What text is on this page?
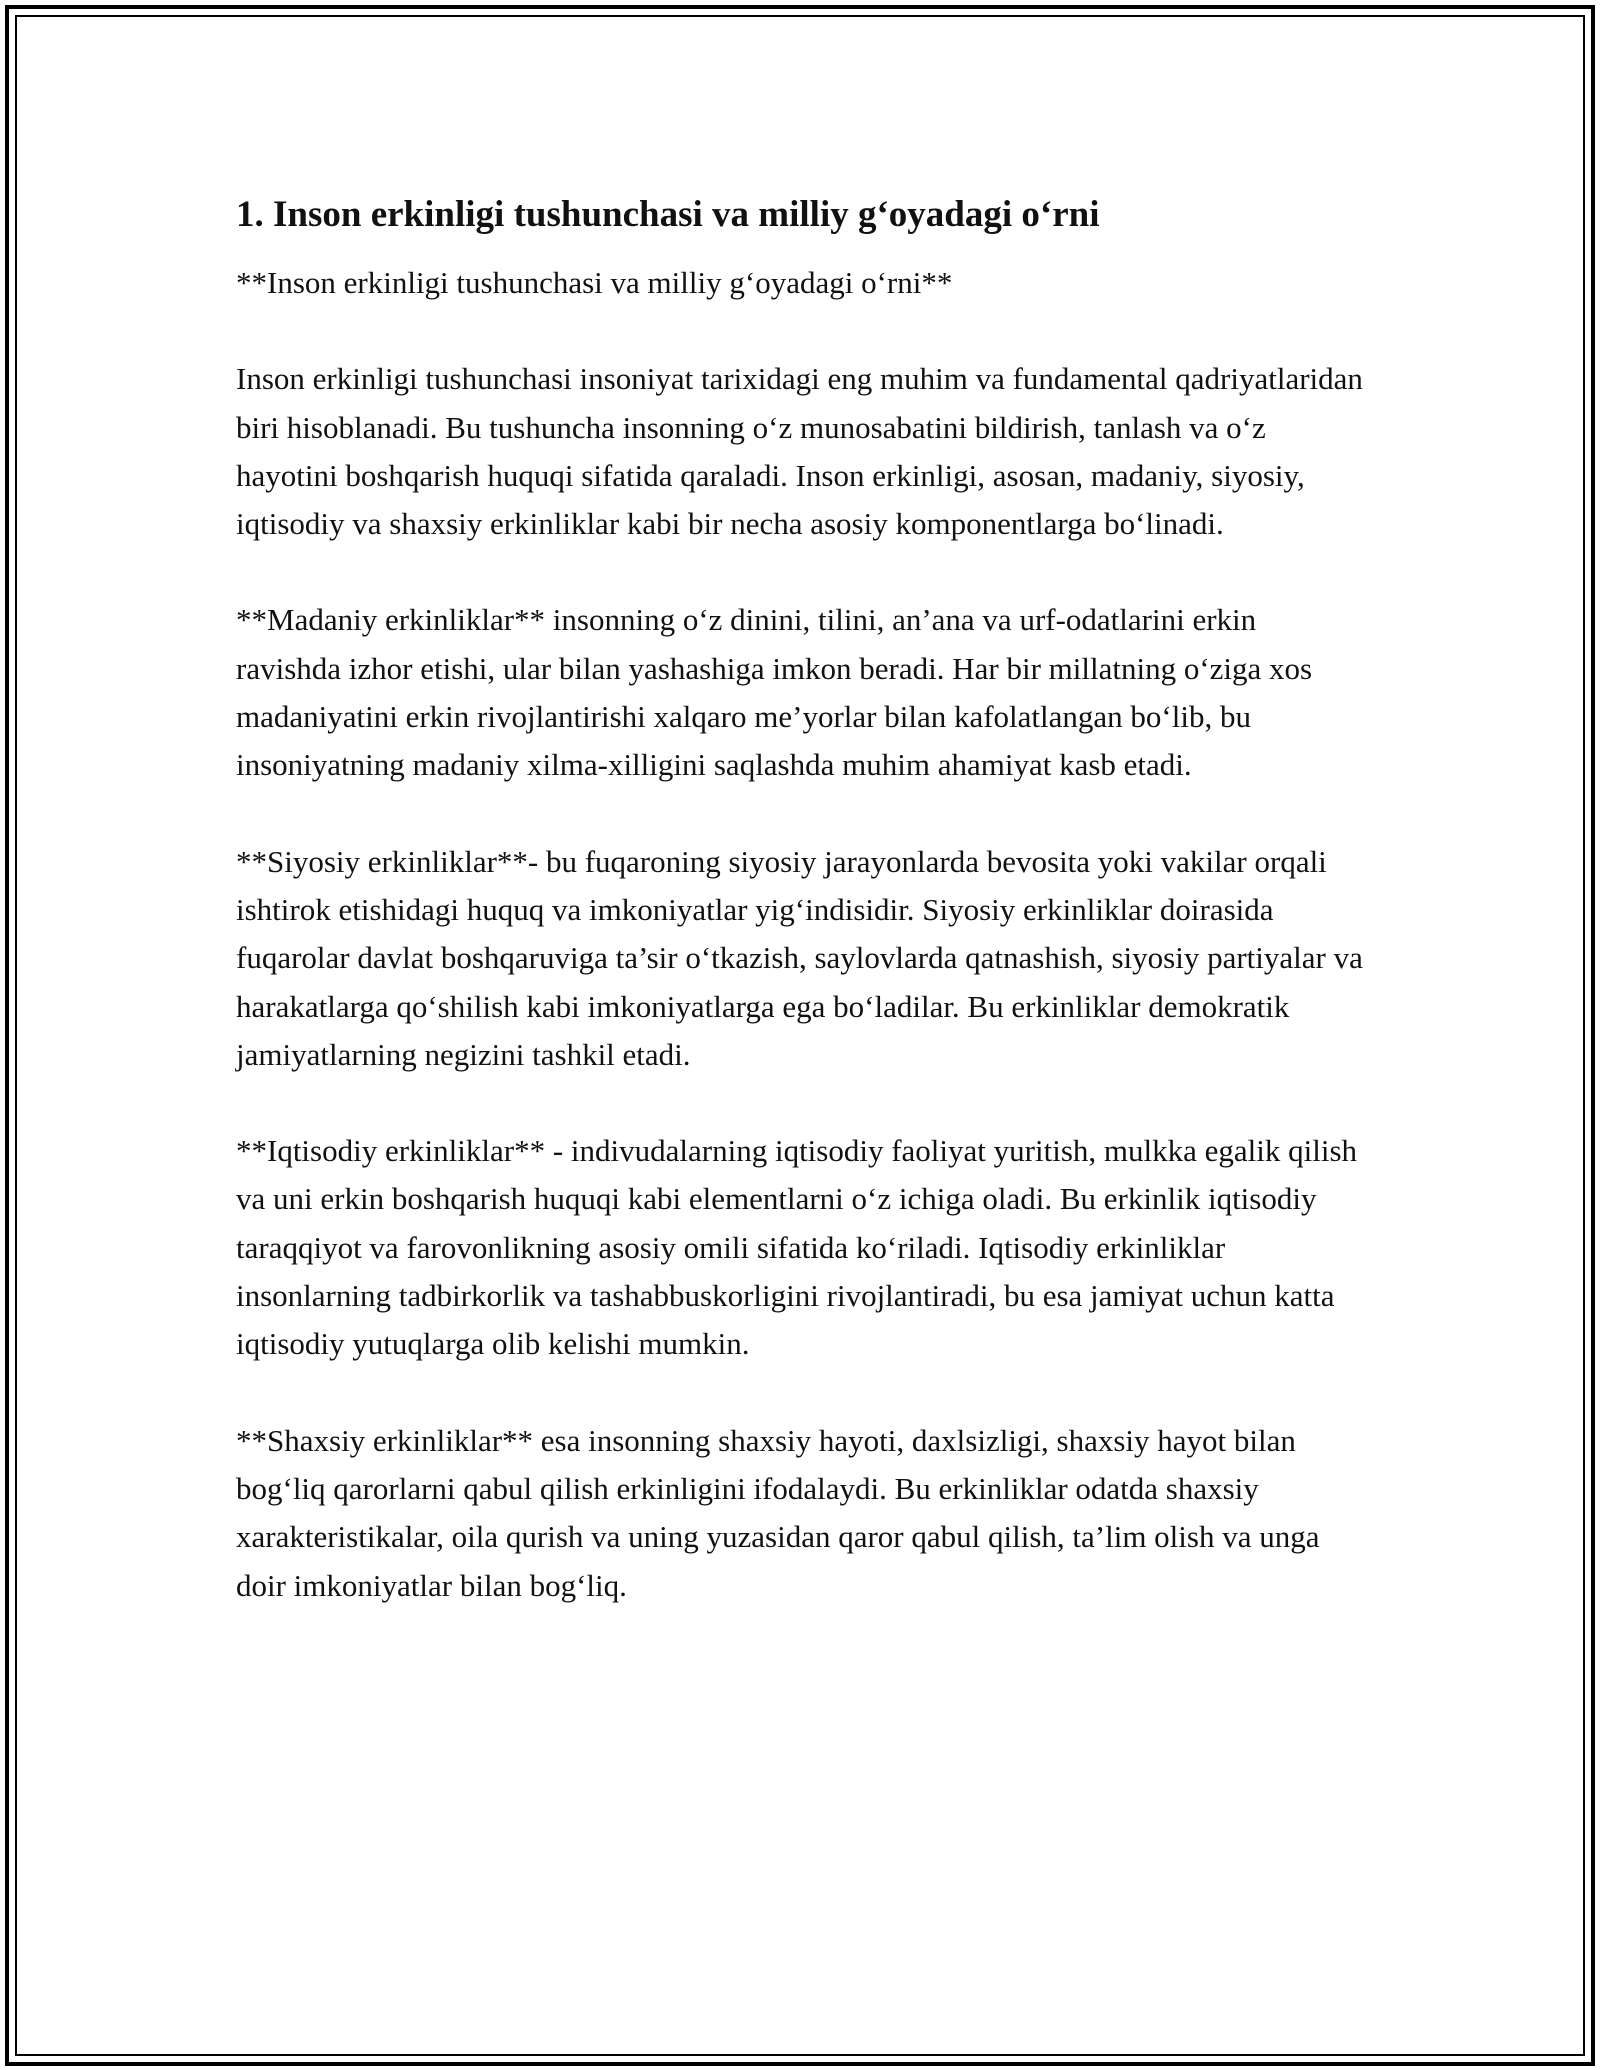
1. Inson erkinligi tushunchasi va milliy g‘oyadagi o‘rni

**Inson erkinligi tushunchasi va milliy g‘oyadagi o‘rni**

Inson erkinligi tushunchasi insoniyat tarixidagi eng muhim va fundamental qadriyatlaridan biri hisoblanadi. Bu tushuncha insonning o‘z munosabatini bildirish, tanlash va o‘z hayotini boshqarish huquqi sifatida qaraladi. Inson erkinligi, asosan, madaniy, siyosiy, iqtisodiy va shaxsiy erkinliklar kabi bir necha asosiy komponentlarga bo‘linadi.

**Madaniy erkinliklar** insonning o‘z dinini, tilini, an’ana va urf-odatlarini erkin ravishda izhor etishi, ular bilan yashashiga imkon beradi. Har bir millatning o‘ziga xos madaniyatini erkin rivojlantirishi xalqaro me’yorlar bilan kafolatlangan bo‘lib, bu insoniyatning madaniy xilma-xilligini saqlashda muhim ahamiyat kasb etadi.

**Siyosiy erkinliklar**- bu fuqaroning siyosiy jarayonlarda bevosita yoki vakilar orqali ishtirok etishidagi huquq va imkoniyatlar yig‘indisidir. Siyosiy erkinliklar doirasida fuqarolar davlat boshqaruviga ta’sir o‘tkazish, saylovlarda qatnashish, siyosiy partiyalar va harakatlarga qo‘shilish kabi imkoniyatlarga ega bo‘ladilar. Bu erkinliklar demokratik jamiyatlarning negizini tashkil etadi.

**Iqtisodiy erkinliklar** - indivudalarning iqtisodiy faoliyat yuritish, mulkka egalik qilish va uni erkin boshqarish huquqi kabi elementlarni o‘z ichiga oladi. Bu erkinlik iqtisodiy taraqqiyot va farovonlikning asosiy omili sifatida ko‘riladi. Iqtisodiy erkinliklar insonlarning tadbirkorlik va tashabbuskorligini rivojlantiradi, bu esa jamiyat uchun katta iqtisodiy yutuqlarga olib kelishi mumkin.

**Shaxsiy erkinliklar** esa insonning shaxsiy hayoti, daxlsizligi, shaxsiy hayot bilan bog‘liq qarorlarni qabul qilish erkinligini ifodalaydi. Bu erkinliklar odatda shaxsiy xarakteristikalar, oila qurish va uning yuzasidan qaror qabul qilish, ta’lim olish va unga doir imkoniyatlar bilan bog‘liq.
